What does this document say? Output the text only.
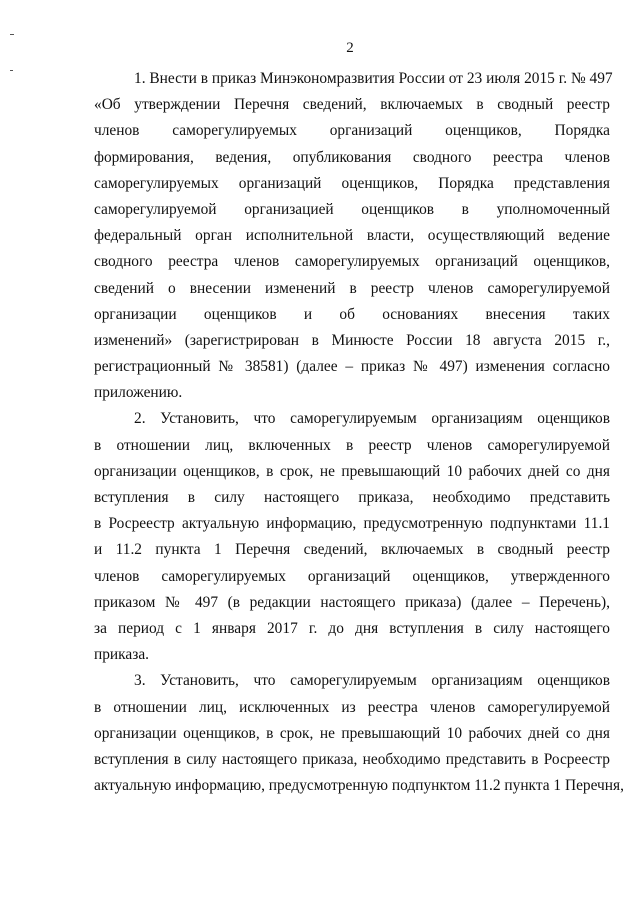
2
1. Внести в приказ Минэкономразвития России от 23 июля 2015 г. № 497
«Об утверждении Перечня сведений, включаемых в сводный реестр
членов саморегулируемых организаций оценщиков, Порядка
формирования, ведения, опубликования сводного реестра членов
саморегулируемых организаций оценщиков, Порядка представления
саморегулируемой организацией оценщиков в уполномоченный
федеральный орган исполнительной власти, осуществляющий ведение
сводного реестра членов саморегулируемых организаций оценщиков,
сведений о внесении изменений в реестр членов саморегулируемой
организации оценщиков и об основаниях внесения таких
изменений» (зарегистрирован в Минюсте России 18 августа 2015 г.,
регистрационный № 38581) (далее – приказ № 497) изменения согласно
приложению.
2. Установить, что саморегулируемым организациям оценщиков
в отношении лиц, включенных в реестр членов саморегулируемой
организации оценщиков, в срок, не превышающий 10 рабочих дней со дня
вступления в силу настоящего приказа, необходимо представить
в Росреестр актуальную информацию, предусмотренную подпунктами 11.1
и 11.2 пункта 1 Перечня сведений, включаемых в сводный реестр
членов саморегулируемых организаций оценщиков, утвержденного
приказом № 497 (в редакции настоящего приказа) (далее – Перечень),
за период с 1 января 2017 г. до дня вступления в силу настоящего
приказа.
3. Установить, что саморегулируемым организациям оценщиков
в отношении лиц, исключенных из реестра членов саморегулируемой
организации оценщиков, в срок, не превышающий 10 рабочих дней со дня
вступления в силу настоящего приказа, необходимо представить в Росреестр
актуальную информацию, предусмотренную подпунктом 11.2 пункта 1 Перечня,
